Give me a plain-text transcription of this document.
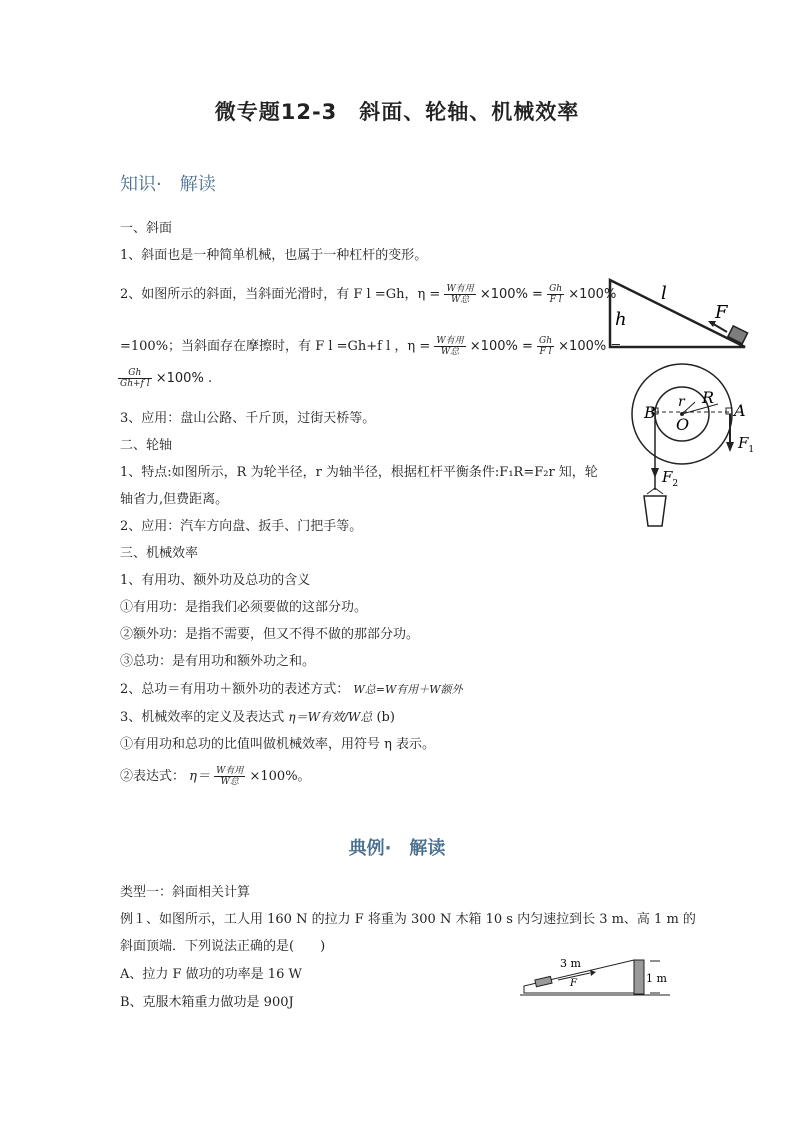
微专题12-3　斜面、轮轴、机械效率
知识·　解读
一、斜面
1、斜面也是一种简单机械，也属于一种杠杆的变形。
2、如图所示的斜面，当斜面光滑时，有 F l =Gh，$\eta = \frac{\text{W有用}}{\text{W总}} \times 100\% = \frac{Gh}{\text{F l}} \times 100\%$
=100%；当斜面存在摩擦时，有 F l =Gh+f l ，$\eta = \frac{\text{W有用}}{\text{W总}} \times 100\% = \frac{Gh}{\text{F l}} \times 100\%$ =
$\frac{Gh}{\text{Gh+f l}} \times 100\%$ .
3、应用：盘山公路、千斤顶，过街天桥等。
二、轮轴
1、特点:如图所示，R 为轮半径，r 为轴半径，根据杠杆平衡条件:F₁R=F₂r 知，轮
轴省力,但费距离。
2、应用：汽车方向盘、扳手、门把手等。
三、机械效率
1、有用功、额外功及总功的含义
①有用功：是指我们必须要做的这部分功。
②额外功：是指不需要，但又不得不做的那部分功。
③总功：是有用功和额外功之和。
2、总功＝有用功＋额外功的表述方式： W总=W有用＋W额外
3、机械效率的定义及表达式 η＝W有效/W总 (b)
①有用功和总功的比值叫做机械效率，用符号 η 表示。
②表达式： $\eta= \frac{\text{W有用}}{\text{W总}} \times 100\%$。
典例·　解读
类型一：斜面相关计算
例１、如图所示，工人用 160 N 的拉力 F 将重为 300 N 木箱 10 s 内匀速拉到长 3 m、高 1 m 的
斜面顶端．下列说法正确的是(　　)
A、拉力 F 做功的功率是 16 W
B、克服木箱重力做功是 900J
l
h	F
B	A
R
r
O
$F_1$
$F_2$
3 m
1 m
F
